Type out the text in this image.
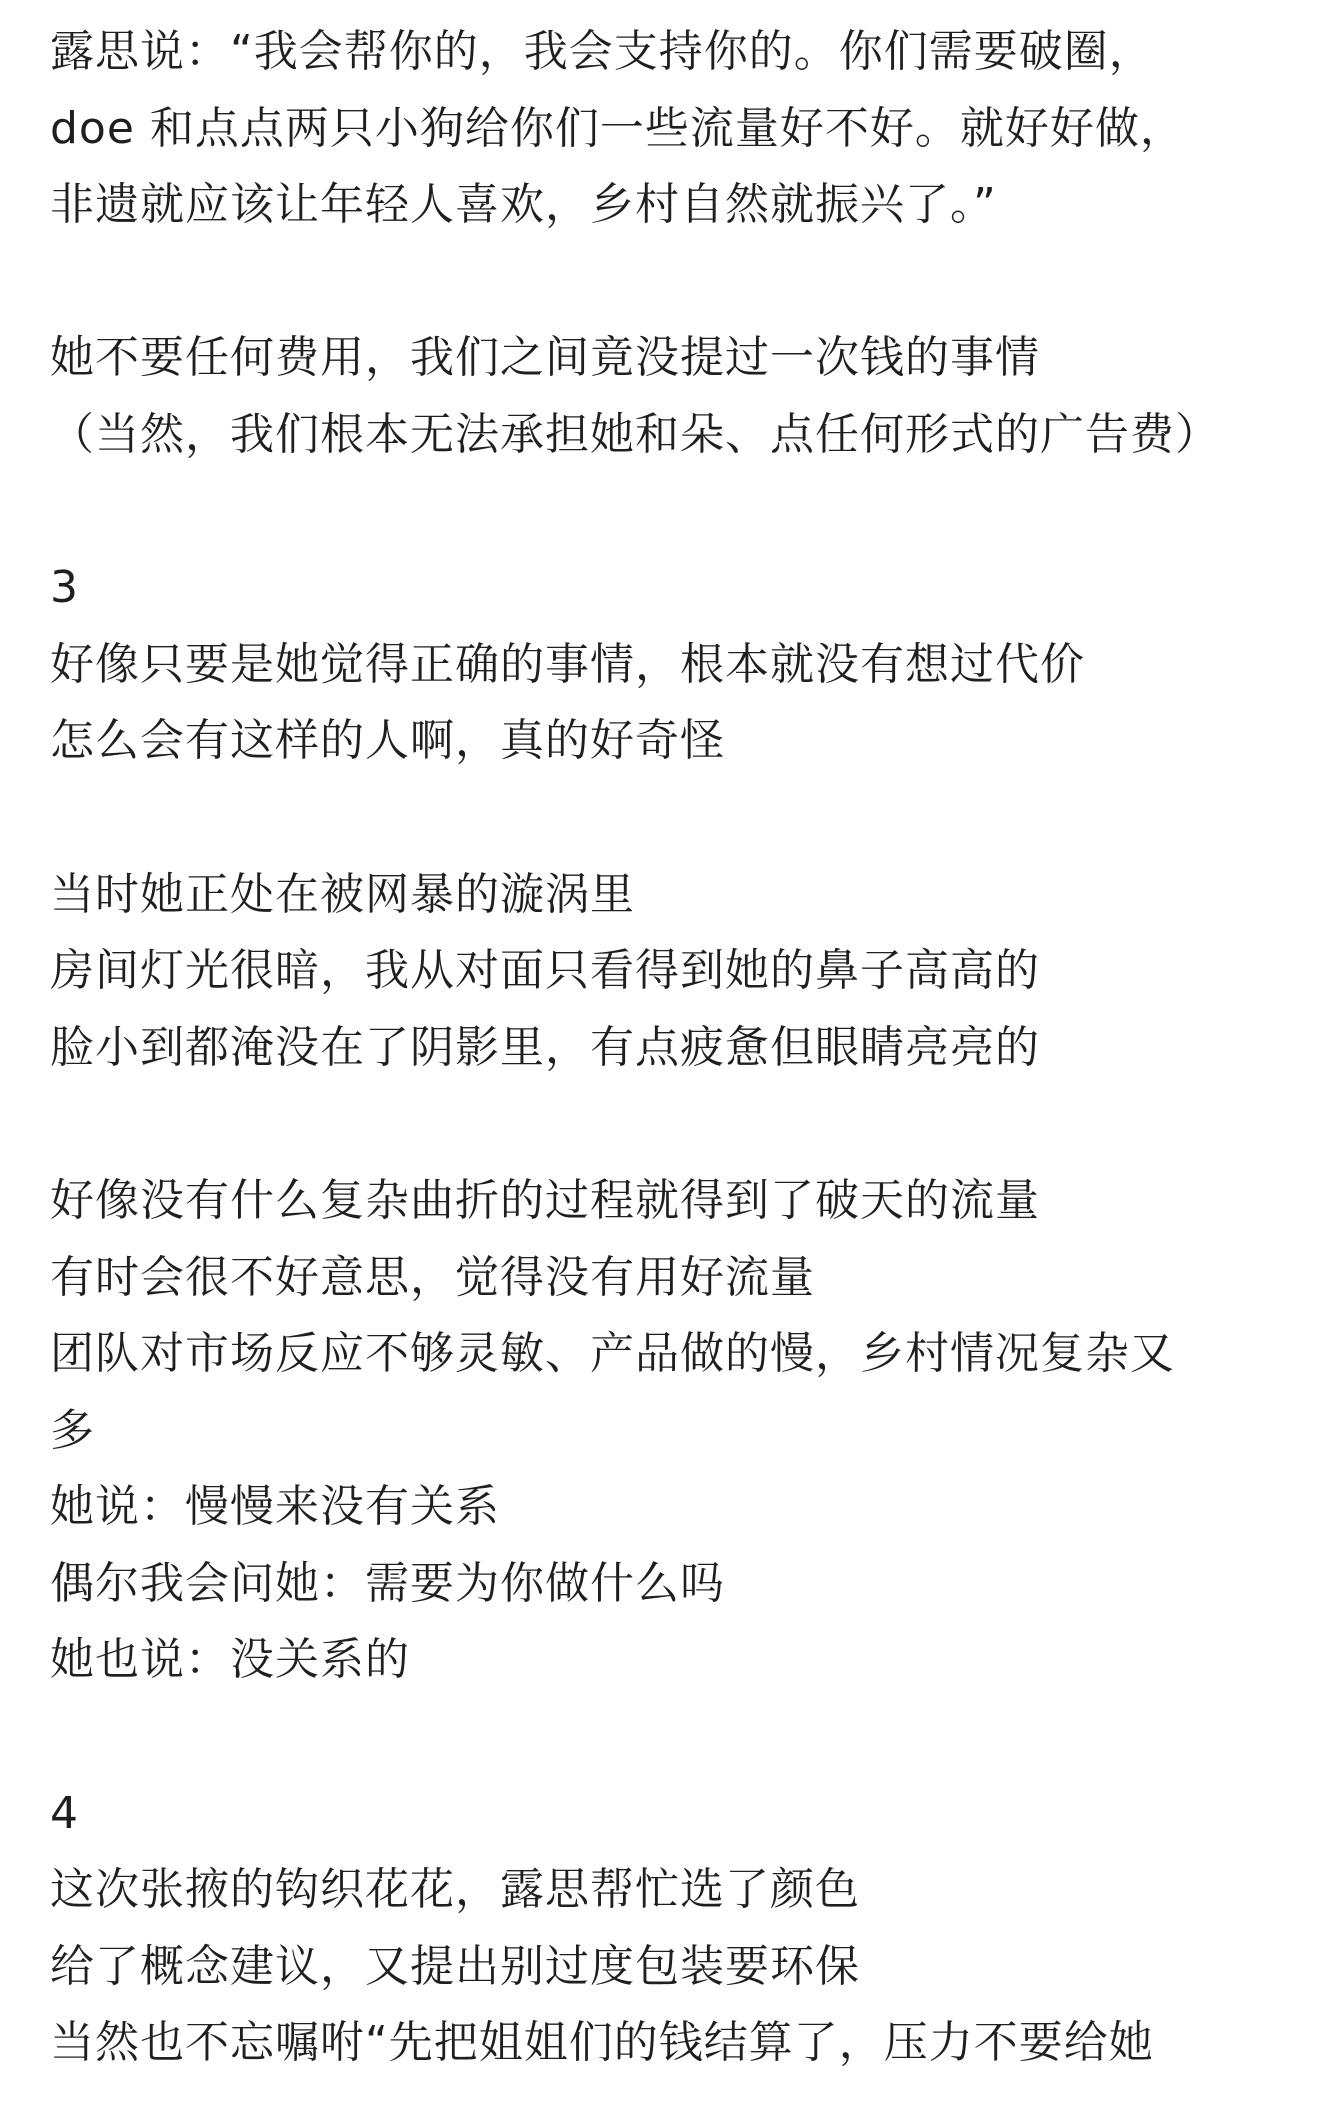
露思说：“我会帮你的，我会支持你的。你们需要破圈，
doe 和点点两只小狗给你们一些流量好不好。就好好做，
非遗就应该让年轻人喜欢，乡村自然就振兴了。”
她不要任何费用，我们之间竟没提过一次钱的事情
（当然，我们根本无法承担她和朵、点任何形式的广告费）
3
好像只要是她觉得正确的事情，根本就没有想过代价
怎么会有这样的人啊，真的好奇怪
当时她正处在被网暴的漩涡里
房间灯光很暗，我从对面只看得到她的鼻子高高的
脸小到都淹没在了阴影里，有点疲惫但眼睛亮亮的
好像没有什么复杂曲折的过程就得到了破天的流量
有时会很不好意思，觉得没有用好流量
团队对市场反应不够灵敏、产品做的慢，乡村情况复杂又
多
她说：慢慢来没有关系
偶尔我会问她：需要为你做什么吗
她也说：没关系的
4
这次张掖的钩织花花，露思帮忙选了颜色
给了概念建议，又提出别过度包装要环保
当然也不忘嘱咐“先把姐姐们的钱结算了，压力不要给她
